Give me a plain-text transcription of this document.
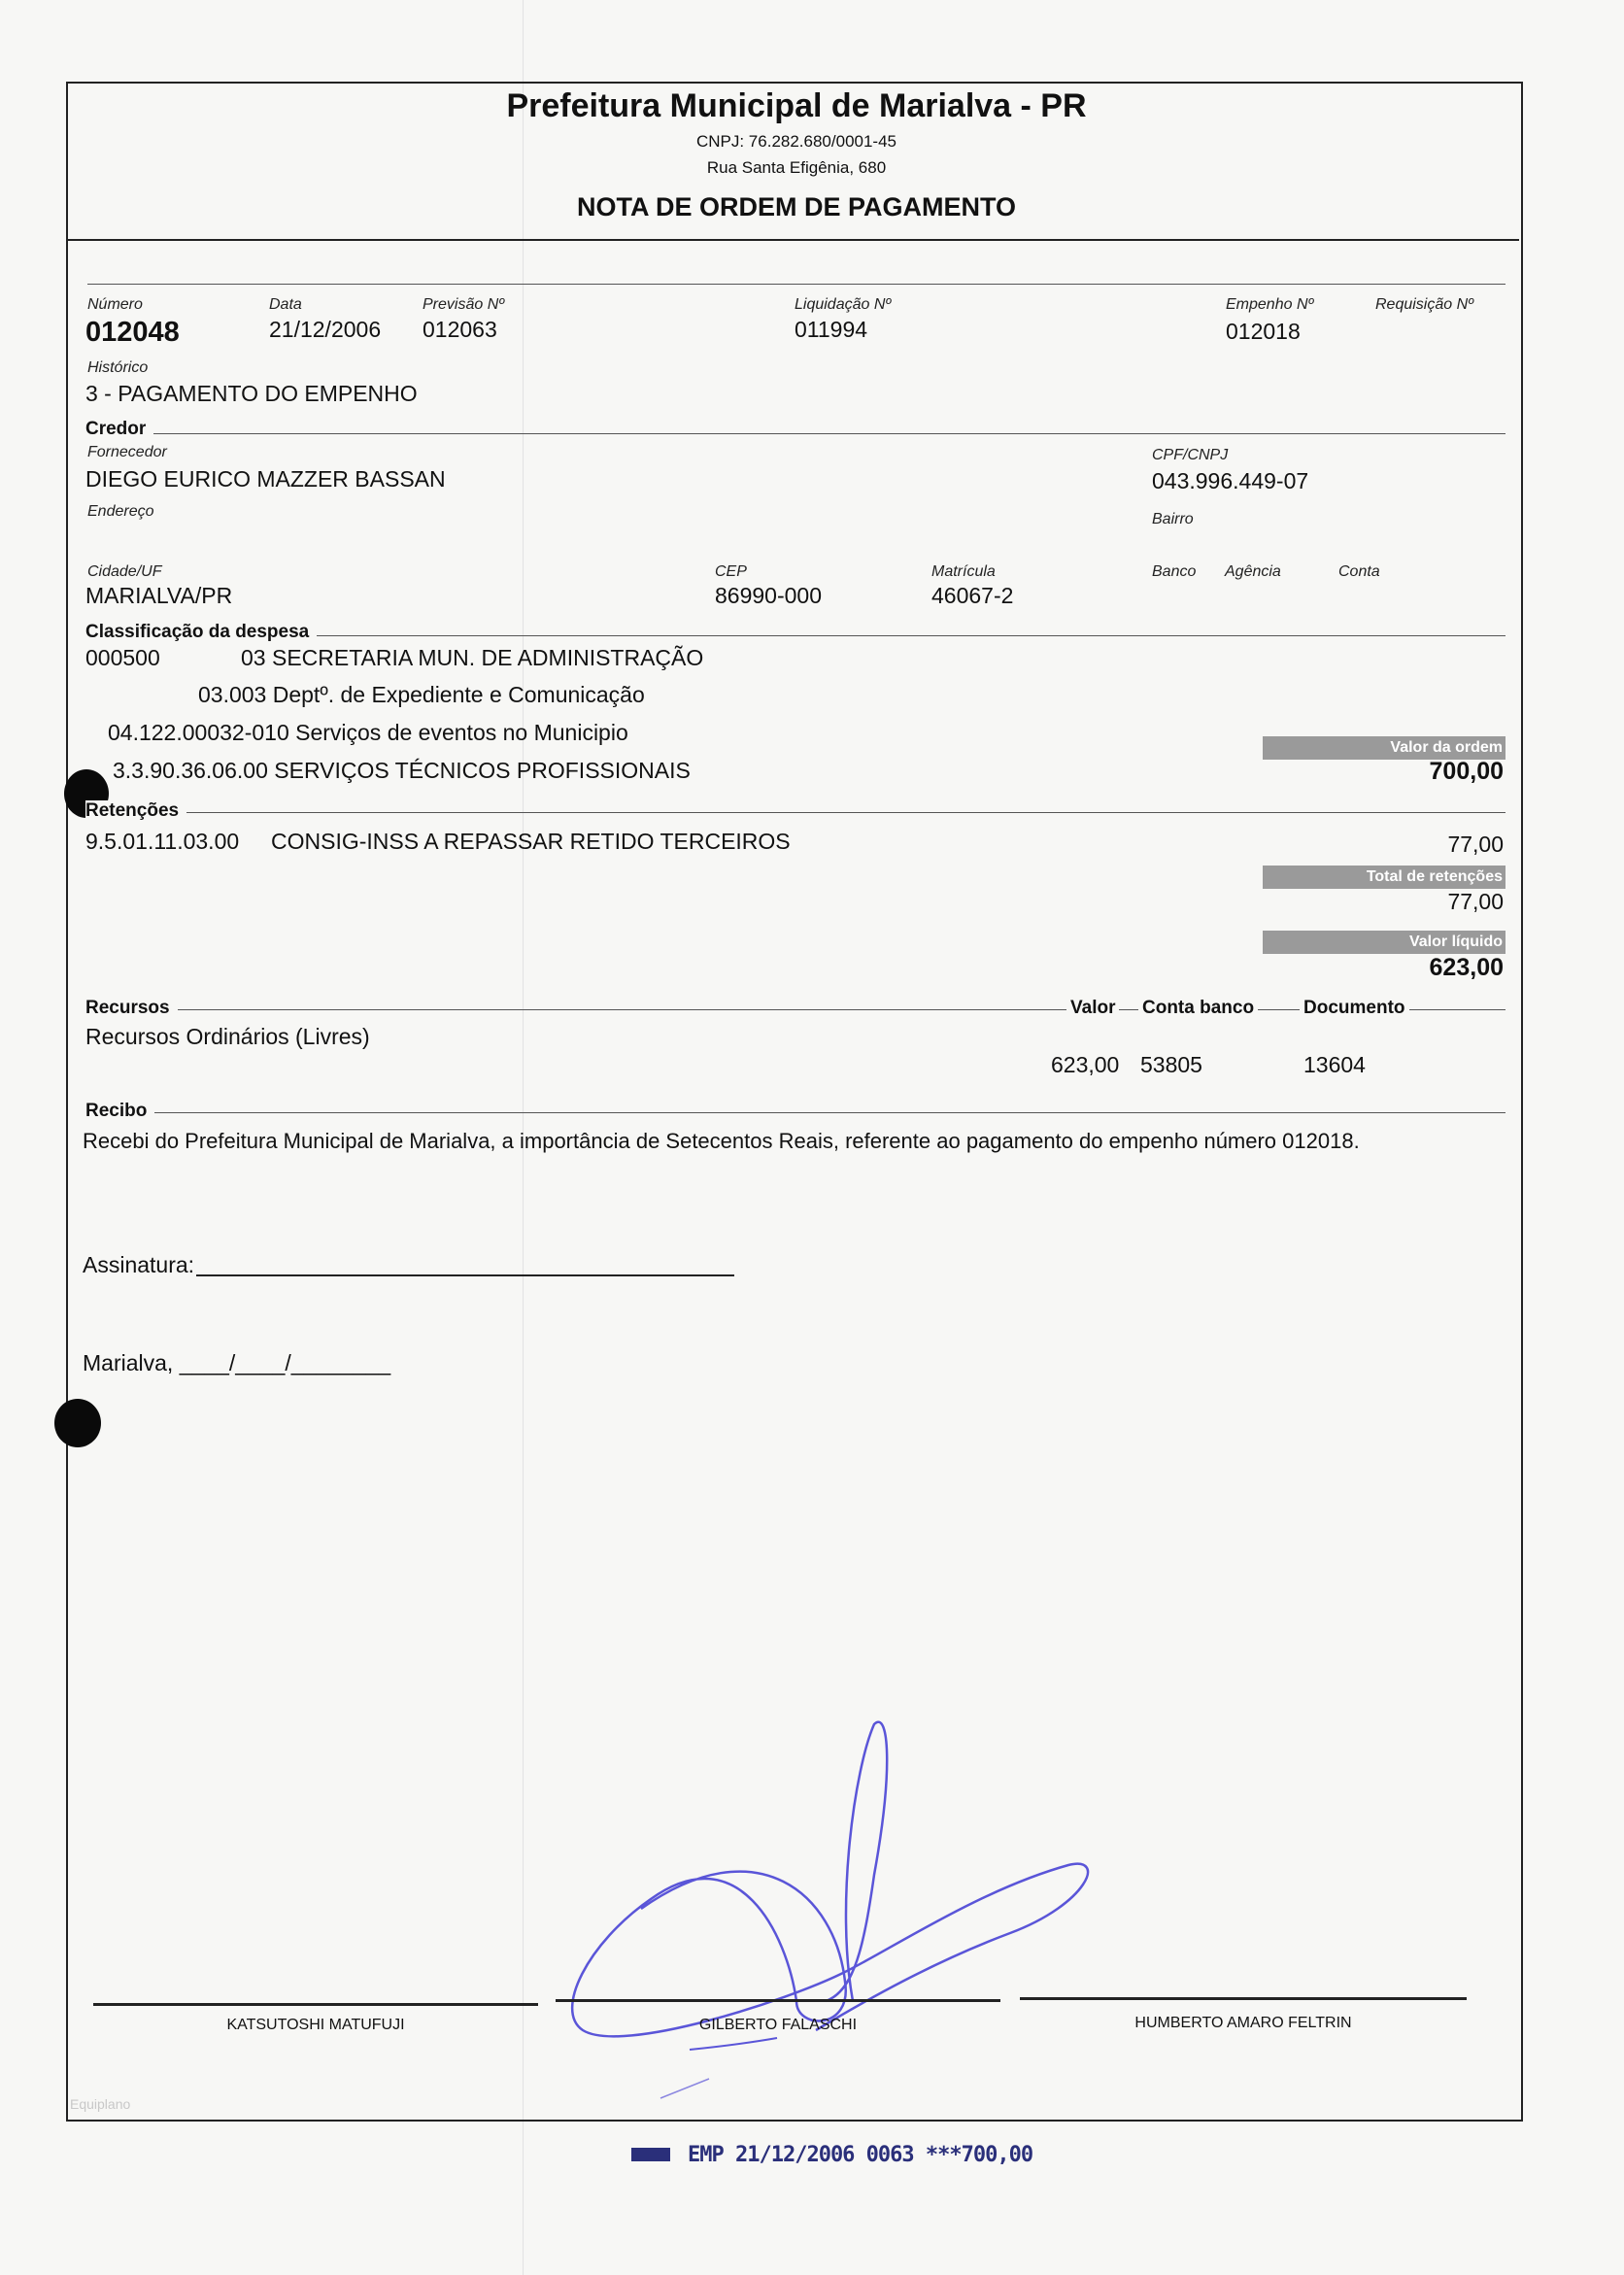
Prefeitura Municipal de Marialva - PR
CNPJ: 76.282.680/0001-45
Rua Santa Efigênia, 680
NOTA DE ORDEM DE PAGAMENTO
Número
012048
Data
21/12/2006
Previsão Nº
012063
Liquidação Nº
011994
Empenho Nº
012018
Requisição Nº
Histórico
3 - PAGAMENTO DO EMPENHO
Credor
Fornecedor
DIEGO EURICO MAZZER BASSAN
CPF/CNPJ
043.996.449-07
Endereço	Bairro
Cidade/UF
MARIALVA/PR
CEP
86990-000
Matrícula
46067-2
Banco Agência	Conta
Classificação da despesa
000500	03 SECRETARIA MUN. DE ADMINISTRAÇÃO
03.003 Deptº. de Expediente e Comunicação
04.122.00032-010 Serviços de eventos no Municipio
3.3.90.36.06.00 SERVIÇOS TÉCNICOS PROFISSIONAIS
Valor da ordem
700,00
Retenções
9.5.01.11.03.00 CONSIG-INSS A REPASSAR RETIDO TERCEIROS	77,00
Total de retenções
77,00
Valor líquido
623,00
Recursos	Valor Conta banco	Documento
Recursos Ordinários (Livres)
623,00 53805	13604
Recibo
Recebi do Prefeitura Municipal de Marialva, a importância de Setecentos Reais, referente ao pagamento do empenho número 012018.
Assinatura:
Marialva, ____/____/________
KATSUTOSHI MATUFUJI	GILBERTO FALASCHI	HUMBERTO AMARO FELTRIN
Equiplano
EMP 21/12/2006 0063 ***700,00
